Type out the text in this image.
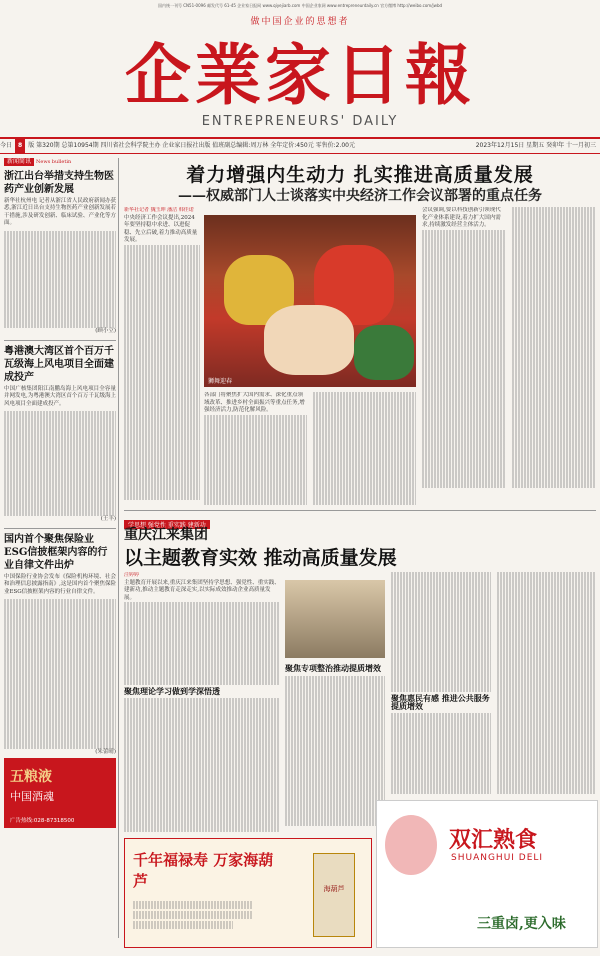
国内统一刊号 CN51-0096 邮发代号 61-45 企业家日报网 www.qiyejiarb.com 中国企业家网 www.entrepreneurdaily.cn 官方微博 http://weibo.com/jwbd
做中国企业的思想者
企業家日報
ENTREPRENEURS' DAILY
今日 8 版 第320期 总第10954期 四川省社会科学院主办 企业家日报社出版 值班副总编辑:周万林 全年定价:450元 零售价:2.00元	2023年12月15日 星期五 癸卯年 十一月初三
新闻简讯 News bulletin
浙江出台举措支持生物医药产业创新发展
新华社杭州电 记者从浙江省人民政府新闻办获悉,浙江近日出台支持生物医药产业创新发展若干措施,涉及研发创新、临床试验、产业化等方面。
(顾小立)
粤港澳大湾区首个百万千瓦级海上风电项目全面建成投产
中国广核集团阳江南鹏岛海上风电项目全容量并网发电,为粤港澳大湾区首个百万千瓦级海上风电项目全面建成投产。
(王丰)
国内首个聚焦保险业ESG信披框架内容的行业自律文件出炉
中国保险行业协会发布《保险机构环境、社会和治理信息披露指南》,这是国内首个聚焦保险业ESG信披框架内容的行业自律文件。
(朱蕾晴)
五粮液
中国酒魂
广告热线:028-87318500
着力增强内生动力 扎实推进高质量发展
——权威部门人士谈落实中央经济工作会议部署的重点任务
新华社记者 魏玉坤 潘洁 韩佳诺
中央经济工作会议提出,2024年要坚持稳中求进、以进促稳、先立后破,着力推动高质量发展。
狮舞迎春
各部门将聚焦扩大国内需求、深化重点领域改革、推进乡村全面振兴等重点任务,增强经济活力,防范化解风险。
会议强调,要以科技创新引领现代化产业体系建设,着力扩大国内需求,持续激发经营主体活力。
学思想 强党性 重实践 建新功
重庆江来集团
以主题教育实效 推动高质量发展
汪婷婷
主题教育开展以来,重庆江来集团坚持学思想、强党性、重实践、建新功,推动主题教育走深走实,以实际成效推动企业高质量发展。
聚焦理论学习做到学深悟透
聚焦专项整治推动提质增效
聚焦惠民有感 推进公共服务提质增效
千年福禄寿 万家海葫芦	海葫芦
双汇熟食
SHUANGHUI DELI
三重卤,更入味
